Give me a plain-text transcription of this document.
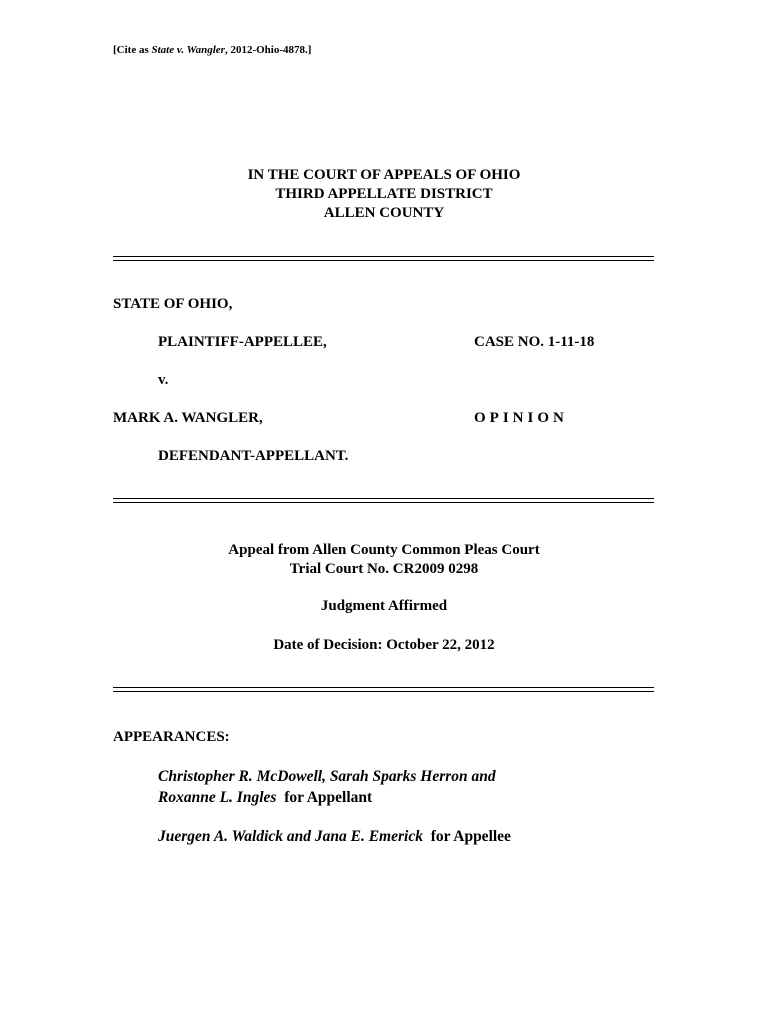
[Cite as State v. Wangler, 2012-Ohio-4878.]
IN THE COURT OF APPEALS OF OHIO
THIRD APPELLATE DISTRICT
ALLEN COUNTY
STATE OF OHIO,
PLAINTIFF-APPELLEE,	CASE NO. 1-11-18
v.
MARK A. WANGLER,	OPINION
DEFENDANT-APPELLANT.
Appeal from Allen County Common Pleas Court
Trial Court No. CR2009 0298
Judgment Affirmed
Date of Decision: October 22, 2012
APPEARANCES:
Christopher R. McDowell, Sarah Sparks Herron and
Roxanne L. Ingles for Appellant
Juergen A. Waldick and Jana E. Emerick for Appellee
